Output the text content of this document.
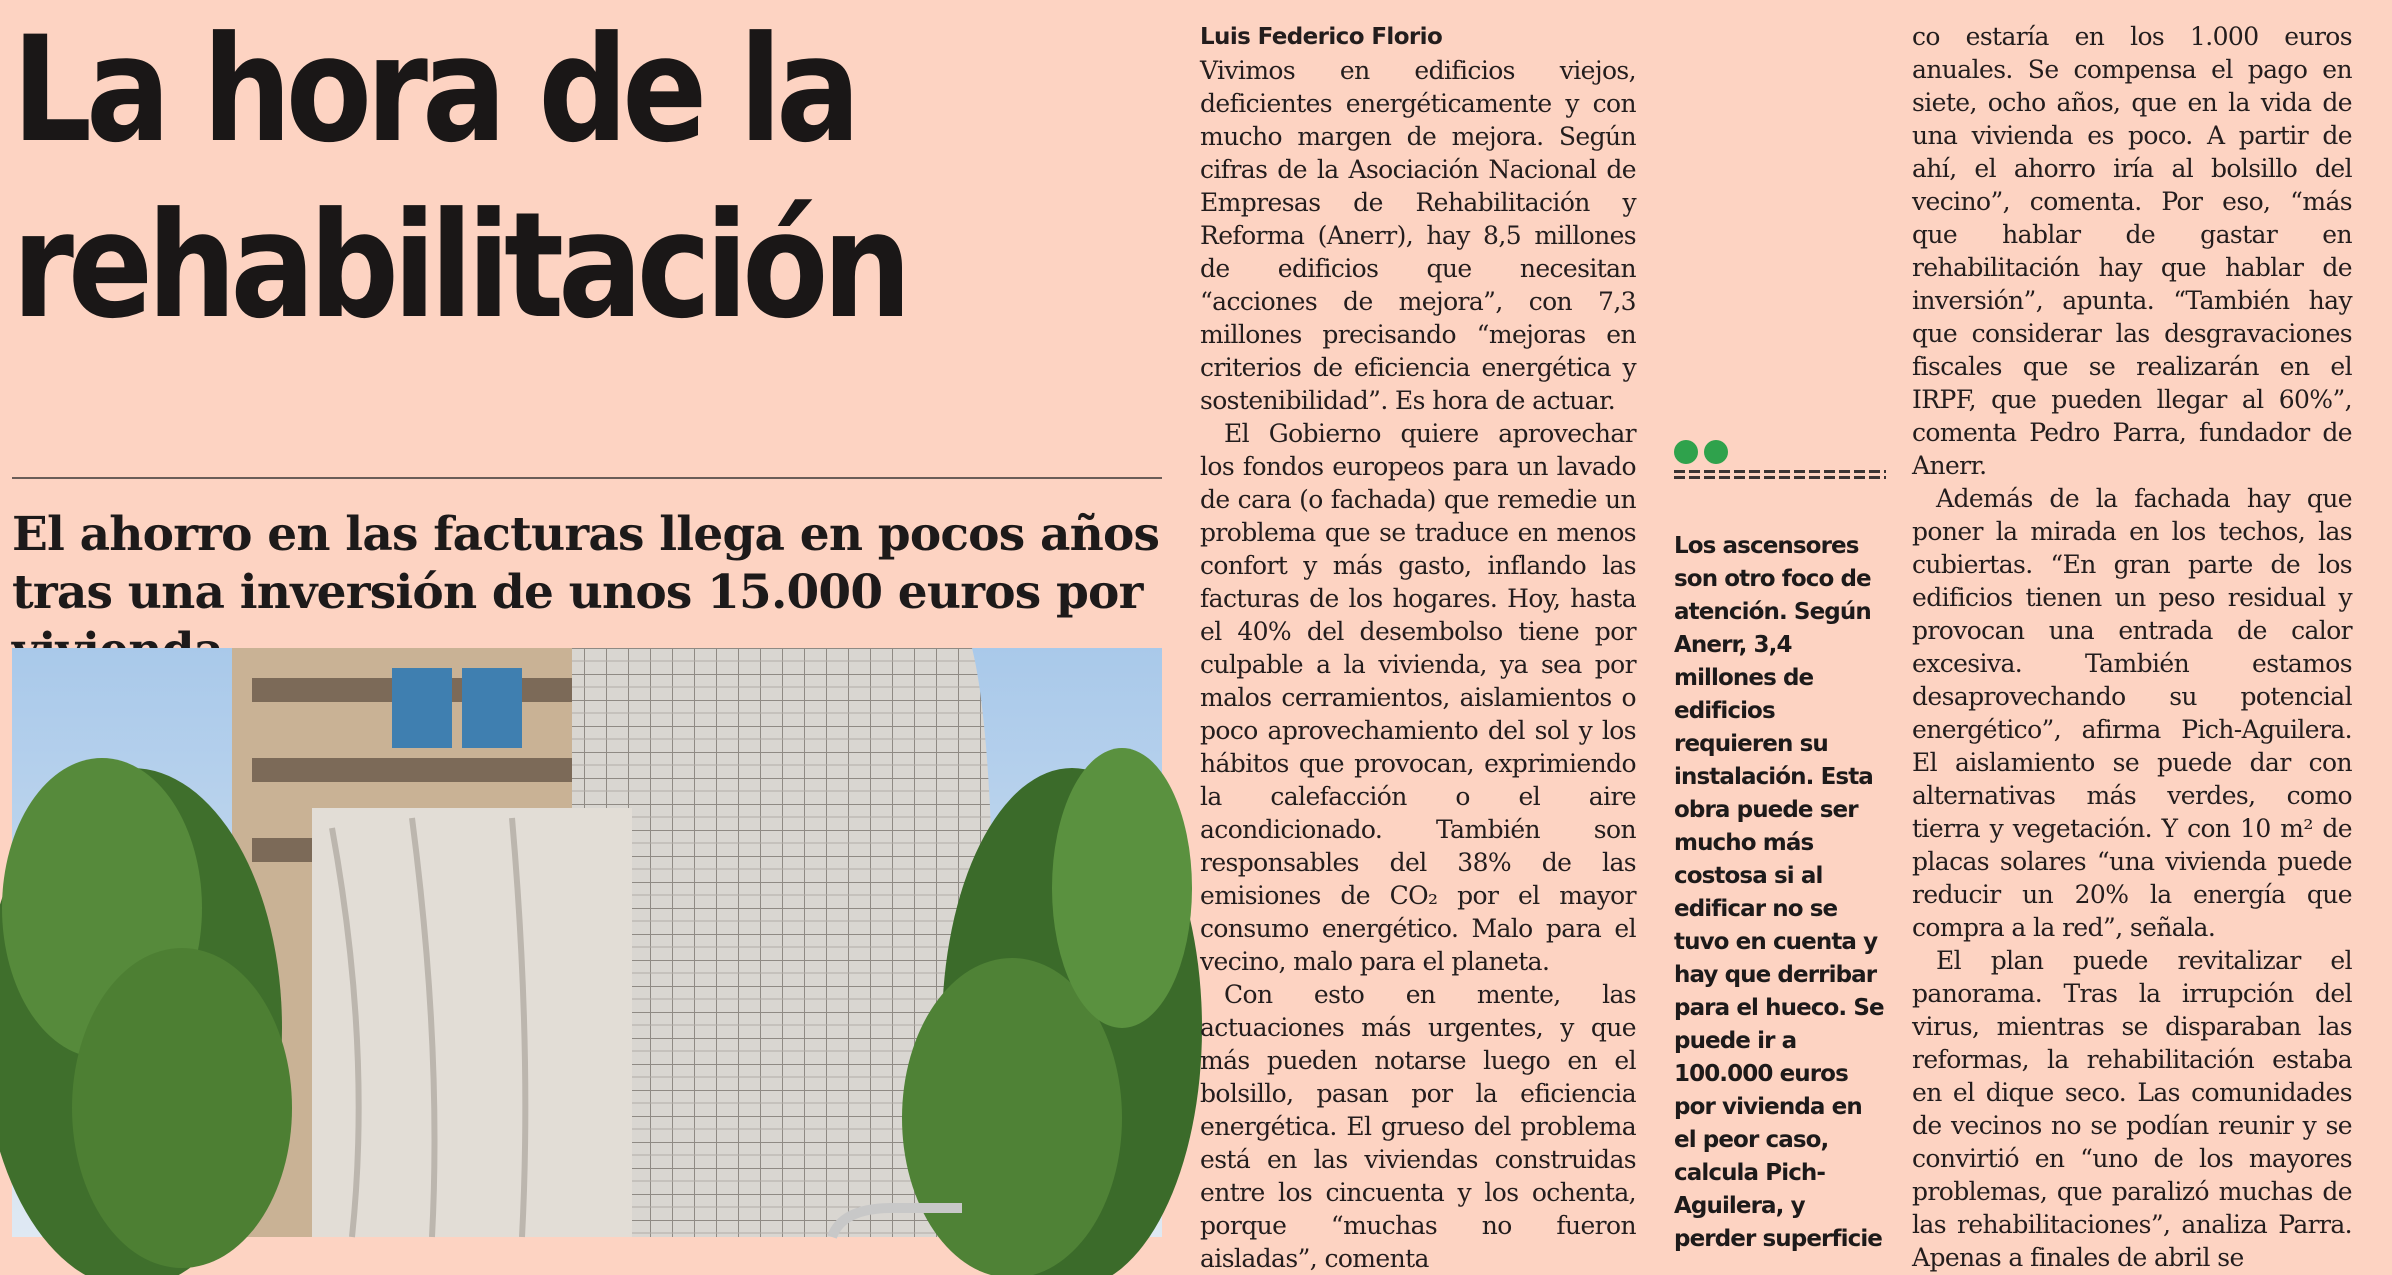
La hora de la rehabilitación
El ahorro en las facturas llega en pocos años tras una inversión de unos 15.000 euros por
Luis Federico Florio

Vivimos en edificios viejos, deficientes energéticamente y con mucho margen de mejora. Según cifras de la Asociación Nacional de Empresas de Rehabilitación y Reforma (Anerr), hay 8,5 millones de edificios que necesitan “acciones de mejora”, con 7,3 millones precisando “mejoras en criterios de eficiencia energética y sostenibilidad”. Es hora de actuar.

El Gobierno quiere aprovechar los fondos europeos para un lavado de cara (o fachada) que remedie un problema que se traduce en menos confort y más gasto, inflando las facturas de los hogares. Hoy, hasta el 40% del desembolso tiene por culpable a la vivienda, ya sea por malos cerramientos, aislamientos o poco aprovechamiento del sol y los hábitos que provocan, exprimiendo la calefacción o el aire acondicionado. También son responsables del 38% de las emisiones de CO₂ por el mayor consumo energético. Malo para el vecino, malo para el planeta.

Con esto en mente, las actuaciones más urgentes, y que más pueden notarse luego en el bolsillo, pasan por la eficiencia energética. El grueso del problema está en las viviendas construidas entre los cincuenta y los ochenta, porque “muchas no fueron aisladas”, comenta

Los ascensores son otro foco de atención. Según Anerr, 3,4 millones de edificios requieren su instalación. Esta obra puede ser mucho más costosa si al edificar no se tuvo en cuenta y hay que derribar para el hueco. Se puede ir a 100.000 euros por vivienda en el peor caso, calcula Pich-Aguilera, y perder superficie

co estaría en los 1.000 euros anuales. Se compensa el pago en siete, ocho años, que en la vida de una vivienda es poco. A partir de ahí, el ahorro iría al bolsillo del vecino”, comenta. Por eso, “más que hablar de gastar en rehabilitación hay que hablar de inversión”, apunta. “También hay que considerar las desgravaciones fiscales que se realizarán en el IRPF, que pueden llegar al 60%”, comenta Pedro Parra, fundador de Anerr.

Además de la fachada hay que poner la mirada en los techos, las cubiertas. “En gran parte de los edificios tienen un peso residual y provocan una entrada de calor excesiva. También estamos desaprovechando su potencial energético”, afirma Pich-Aguilera. El aislamiento se puede dar con alternativas más verdes, como tierra y vegetación. Y con 10 m² de placas solares “una vivienda puede reducir un 20% la energía que compra a la red”, señala.

El plan puede revitalizar el panorama. Tras la irrupción del virus, mientras se disparaban las reformas, la rehabilitación estaba en el dique seco. Las comunidades de vecinos no se podían reunir y se convirtió en “uno de los mayores problemas, que paralizó muchas de las rehabilitaciones”, analiza Parra. Apenas a finales de abril se
